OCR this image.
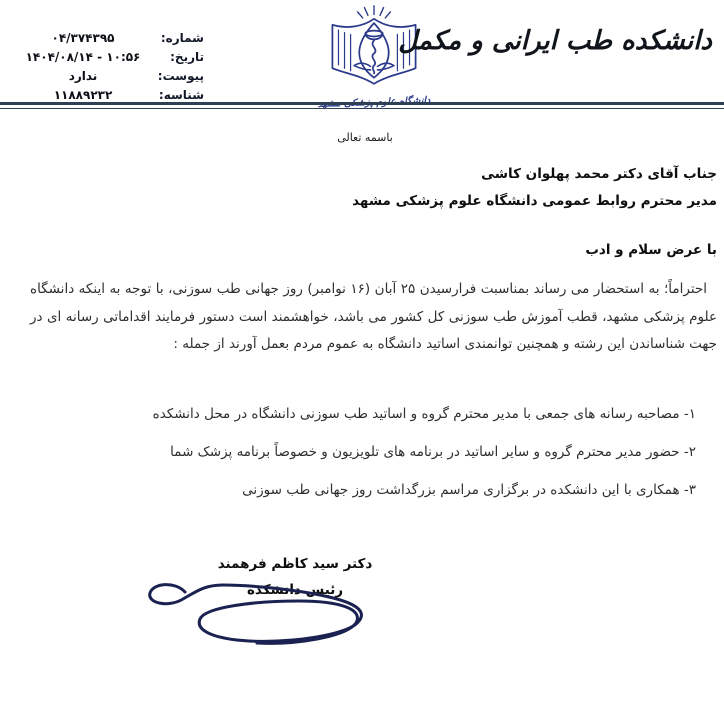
شماره:	۰۴/۳۷۴۳۹۵
تاریخ:	۱۴۰۴/۰۸/۱۴ - ۱۰:۵۶
پیوست:	ندارد
شناسه:	۱۱۸۸۹۲۳۲
دانشگاه علوم پزشکی مشهد
دانشکده طب ایرانی و مکمل
باسمه تعالی
جناب آقای دکتر محمد پهلوان کاشی
مدیر محترم روابط عمومی دانشگاه علوم پزشکی مشهد
با عرض سلام و ادب

احتراماً؛ به استحضار می رساند بمناسبت فرارسیدن ۲۵ آبان (۱۶ نوامبر) روز جهانی طب سوزنی، با توجه به اینکه دانشگاه علوم پزشکی مشهد، قطب آموزش طب سوزنی کل کشور می باشد، خواهشمند است دستور فرمایند اقداماتی رسانه ای در جهت شناساندن این رشته و همچنین توانمندی اساتید دانشگاه به عموم مردم بعمل آورند از جمله :

۱- مصاحبه رسانه های جمعی با مدیر محترم گروه و اساتید طب سوزنی دانشگاه در محل دانشکده
۲- حضور مدیر محترم گروه و سایر اساتید در برنامه های تلویزیون و خصوصاً برنامه پزشک شما
۳- همکاری با این دانشکده در برگزاری مراسم بزرگداشت روز جهانی طب سوزنی
دکتر سید کاظم فرهمند
رئیس دانشکده
